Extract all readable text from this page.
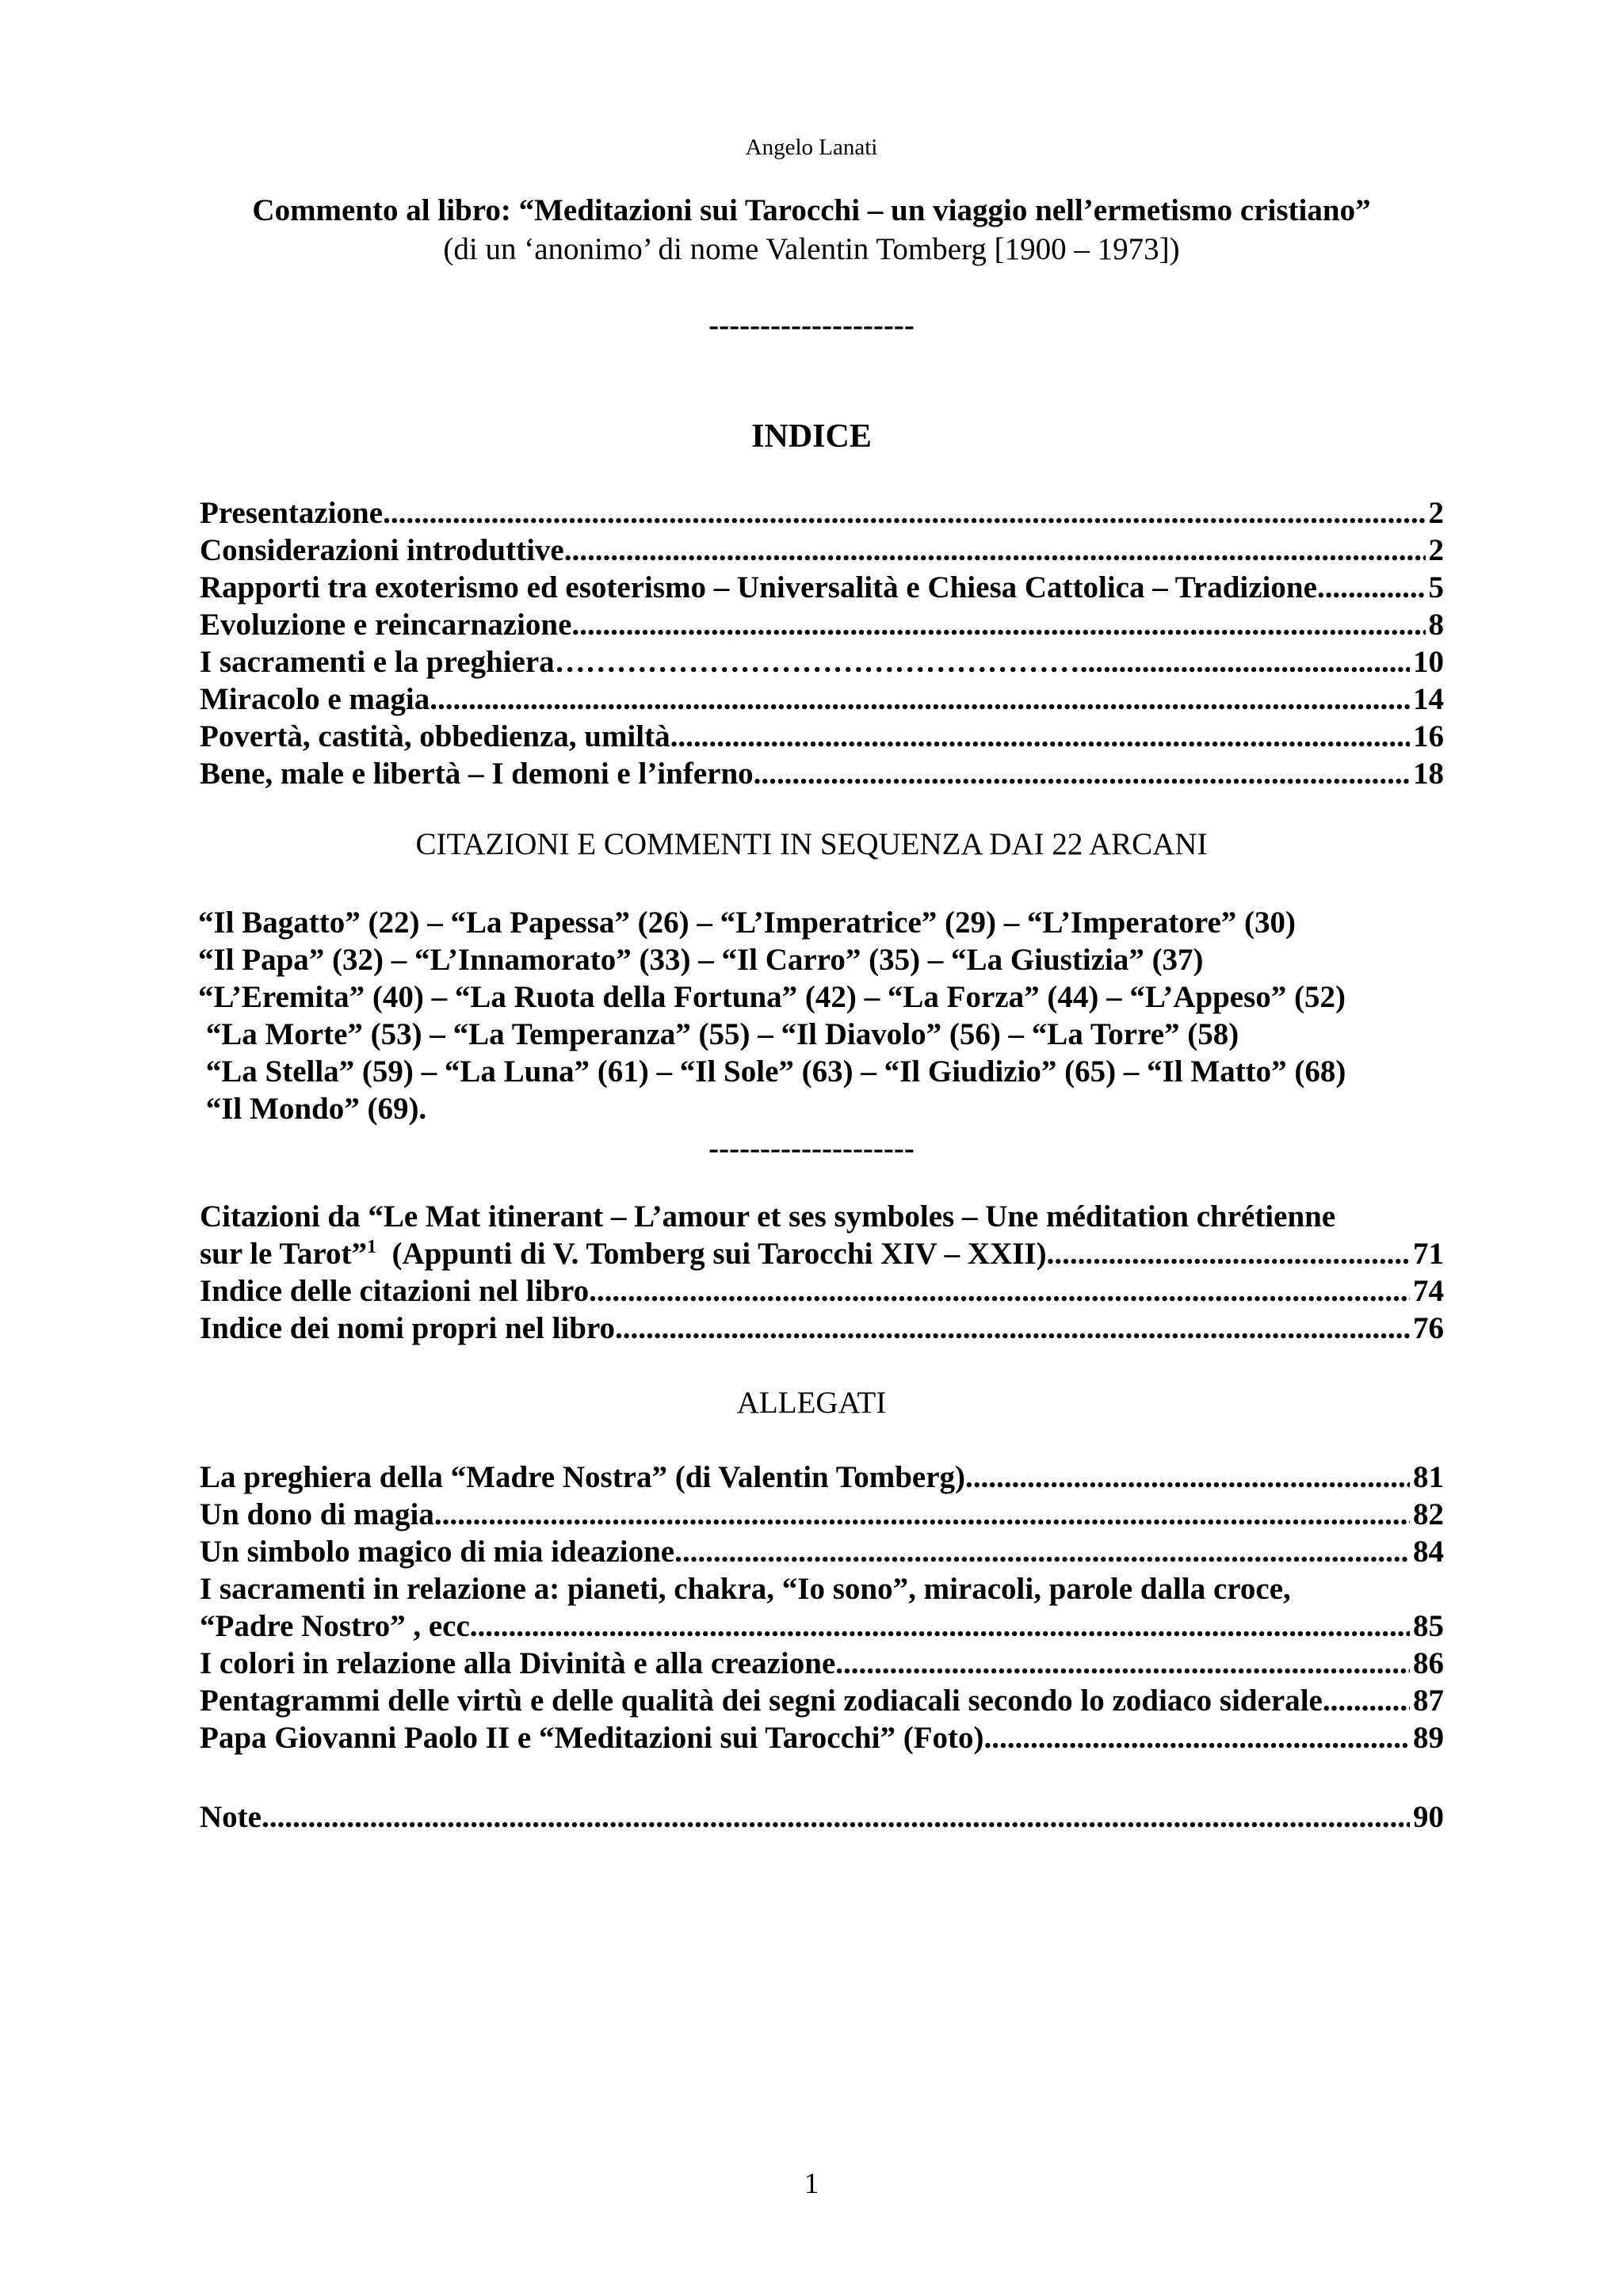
Angelo Lanati
Commento al libro: “Meditazioni sui Tarocchi – un viaggio nell’ermetismo cristiano”
(di un ‘anonimo’ di nome Valentin Tomberg [1900 – 1973])
--------------------
INDICE
Presentazione .....	2
Considerazioni introduttive .....	2
Rapporti tra exoterismo ed esoterismo – Universalità e Chiesa Cattolica – Tradizione .....	5
Evoluzione e reincarnazione .....	8
I sacramenti e la preghiera…………………………………………… .....	10
Miracolo e magia .....	14
Povertà, castità, obbedienza, umiltà .....	16
Bene, male e libertà – I demoni e l’inferno .....	18
CITAZIONI E COMMENTI IN SEQUENZA DAI 22 ARCANI
“Il Bagatto” (22) – “La Papessa” (26) – “L’Imperatrice” (29) – “L’Imperatore” (30)
“Il Papa” (32) – “L’Innamorato” (33) – “Il Carro” (35) – “La Giustizia” (37)
“L’Eremita” (40) – “La Ruota della Fortuna” (42) – “La Forza” (44) – “L’Appeso” (52)
“La Morte” (53) – “La Temperanza” (55) – “Il Diavolo” (56) – “La Torre” (58)
“La Stella” (59) – “La Luna” (61) – “Il Sole” (63) – “Il Giudizio” (65) – “Il Matto” (68)
“Il Mondo” (69).
--------------------
Citazioni da “Le Mat itinerant – L’amour et ses symboles – Une méditation chrétienne
sur le Tarot”$^1$  (Appunti di V. Tomberg sui Tarocchi XIV – XXII) .....	71
Indice delle citazioni nel libro .....	74
Indice dei nomi propri nel libro .....	76
ALLEGATI
La preghiera della “Madre Nostra” (di Valentin Tomberg) .....	81
Un dono di magia .....	82
Un simbolo magico di mia ideazione .....	84
I sacramenti in relazione a: pianeti, chakra, “Io sono”, miracoli, parole dalla croce,
“Padre Nostro” , ecc .....	85
I colori in relazione alla Divinità e alla creazione .....	86
Pentagrammi delle virtù e delle qualità dei segni zodiacali secondo lo zodiaco siderale .....	87
Papa Giovanni Paolo II e “Meditazioni sui Tarocchi” (Foto) .....	89
Note .....	90
1
